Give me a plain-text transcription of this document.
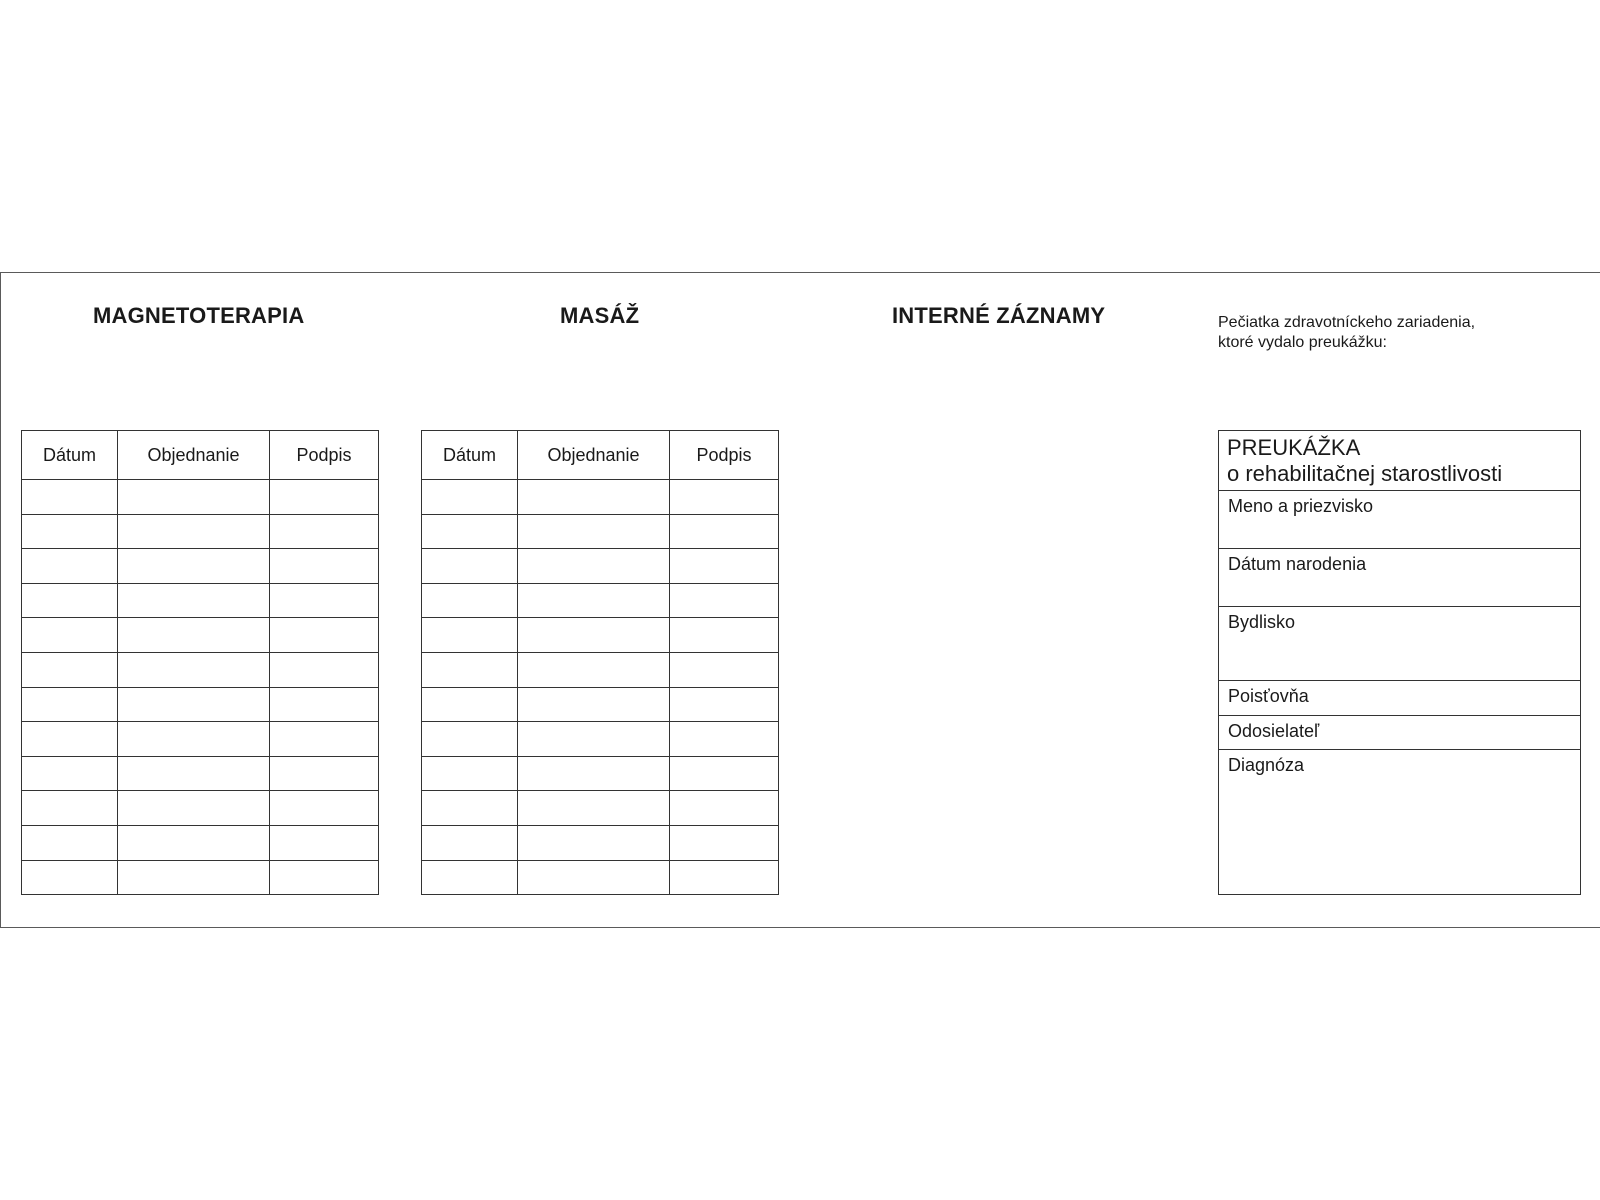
MAGNETOTERAPIA	MASÁŽ	INTERNÉ ZÁZNAMY	Pečiatka zdravotníckeho zariadenia,
ktoré vydalo preukážku:
Dátum	Objednanie	Podpis

			Dátum	Objednanie	Podpis

			PREUKÁŽKA
o rehabilitačnej starostlivosti
Meno a priezvisko
Dátum narodenia
Bydlisko
Poisťovňa
Odosielateľ
Diagnóza
